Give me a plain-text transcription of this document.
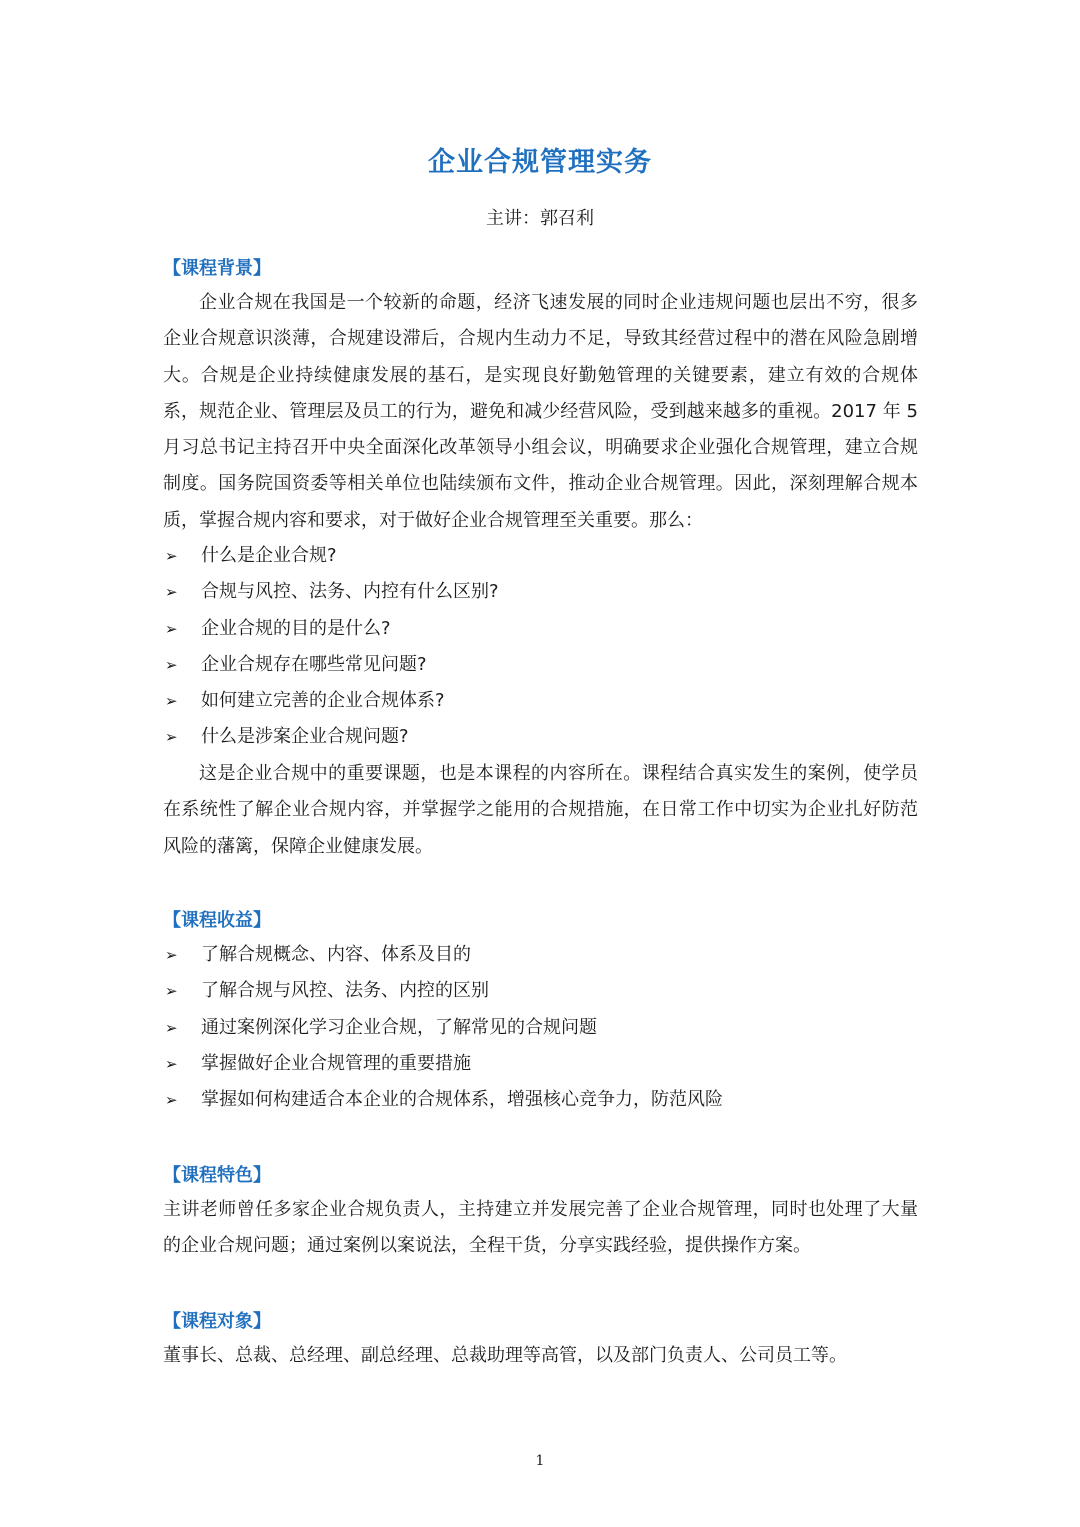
企业合规管理实务
主讲：郭召利
【课程背景】

企业合规在我国是一个较新的命题，经济飞速发展的同时企业违规问题也层出不穷，很多企业合规意识淡薄，合规建设滞后，合规内生动力不足，导致其经营过程中的潜在风险急剧增大。合规是企业持续健康发展的基石，是实现良好勤勉管理的关键要素，建立有效的合规体系，规范企业、管理层及员工的行为，避免和减少经营风险，受到越来越多的重视。2017 年 5 月习总书记主持召开中央全面深化改革领导小组会议，明确要求企业强化合规管理，建立合规制度。国务院国资委等相关单位也陆续颁布文件，推动企业合规管理。因此，深刻理解合规本质，掌握合规内容和要求，对于做好企业合规管理至关重要。那么：

➢ 什么是企业合规?
➢ 合规与风控、法务、内控有什么区别?
➢ 企业合规的目的是什么?
➢ 企业合规存在哪些常见问题?
➢ 如何建立完善的企业合规体系?
➢ 什么是涉案企业合规问题?

这是企业合规中的重要课题，也是本课程的内容所在。课程结合真实发生的案例，使学员在系统性了解企业合规内容，并掌握学之能用的合规措施，在日常工作中切实为企业扎好防范风险的藩篱，保障企业健康发展。

【课程收益】
➢ 了解合规概念、内容、体系及目的
➢ 了解合规与风控、法务、内控的区别
➢ 通过案例深化学习企业合规，了解常见的合规问题
➢ 掌握做好企业合规管理的重要措施
➢ 掌握如何构建适合本企业的合规体系，增强核心竞争力，防范风险
【课程特色】

主讲老师曾任多家企业合规负责人，主持建立并发展完善了企业合规管理，同时也处理了大量的企业合规问题；通过案例以案说法，全程干货，分享实践经验，提供操作方案。

【课程对象】

董事长、总裁、总经理、副总经理、总裁助理等高管，以及部门负责人、公司员工等。

1
